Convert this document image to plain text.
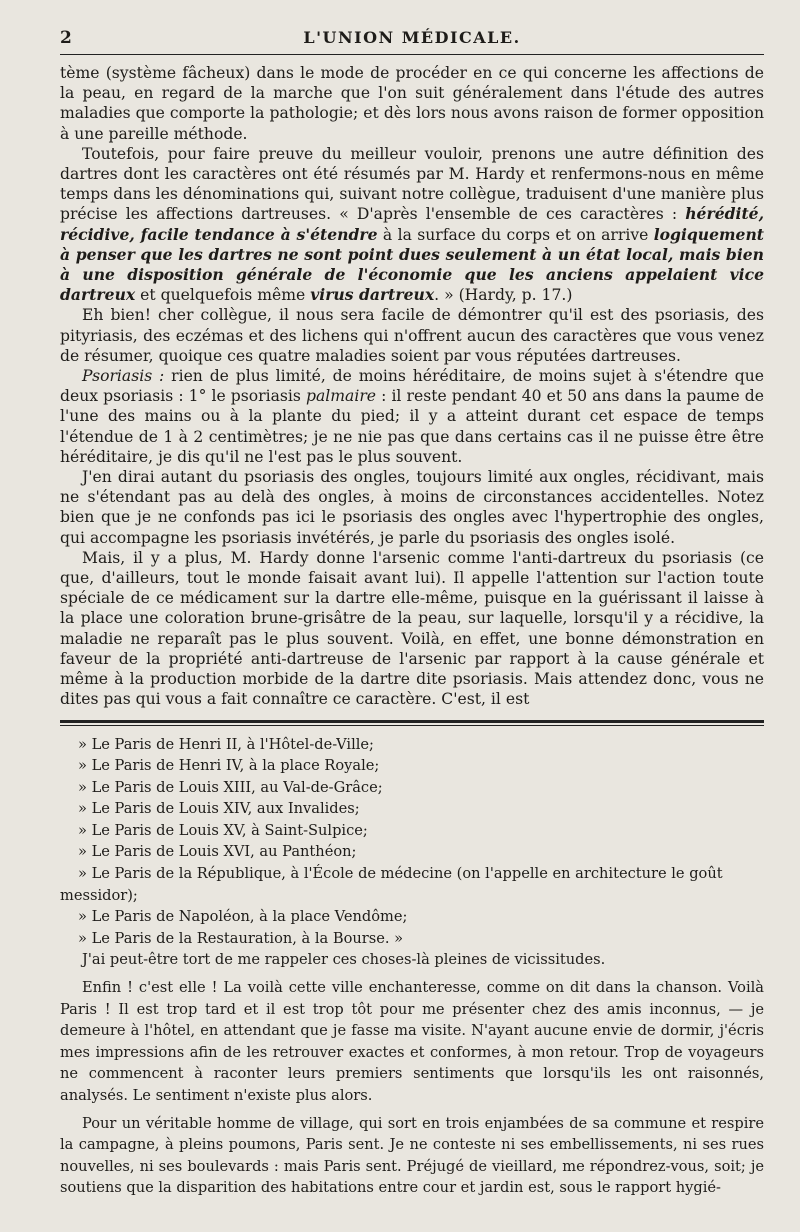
2	L'UNION MÉDICALE.

tème (système fâcheux) dans le mode de procéder en ce qui concerne les affections de la peau, en regard de la marche que l'on suit généralement dans l'étude des autres maladies que comporte la pathologie; et dès lors nous avons raison de former opposition à une pareille méthode.

Toutefois, pour faire preuve du meilleur vouloir, prenons une autre définition des dartres dont les caractères ont été résumés par M. Hardy et renfermons-nous en même temps dans les dénominations qui, suivant notre collègue, traduisent d'une manière plus précise les affections dartreuses. « D'après l'ensemble de ces caractères : hérédité, récidive, facile tendance à s'étendre à la surface du corps et on arrive logiquement à penser que les dartres ne sont point dues seulement à un état local, mais bien à une disposition générale de l'économie que les anciens appelaient vice dartreux et quelquefois même virus dartreux. » (Hardy, p. 17.)

Eh bien! cher collègue, il nous sera facile de démontrer qu'il est des psoriasis, des pityriasis, des eczémas et des lichens qui n'offrent aucun des caractères que vous venez de résumer, quoique ces quatre maladies soient par vous réputées dartreuses.

Psoriasis : rien de plus limité, de moins héréditaire, de moins sujet à s'étendre que deux psoriasis : 1° le psoriasis palmaire : il reste pendant 40 et 50 ans dans la paume de l'une des mains ou à la plante du pied; il y a atteint durant cet espace de temps l'étendue de 1 à 2 centimètres; je ne nie pas que dans certains cas il ne puisse être être héréditaire, je dis qu'il ne l'est pas le plus souvent.

J'en dirai autant du psoriasis des ongles, toujours limité aux ongles, récidivant, mais ne s'étendant pas au delà des ongles, à moins de circonstances accidentelles. Notez bien que je ne confonds pas ici le psoriasis des ongles avec l'hypertrophie des ongles, qui accompagne les psoriasis invétérés, je parle du psoriasis des ongles isolé.

Mais, il y a plus, M. Hardy donne l'arsenic comme l'anti-dartreux du psoriasis (ce que, d'ailleurs, tout le monde faisait avant lui). Il appelle l'attention sur l'action toute spéciale de ce médicament sur la dartre elle-même, puisque en la guérissant il laisse à la place une coloration brune-grisâtre de la peau, sur laquelle, lorsqu'il y a récidive, la maladie ne reparaît pas le plus souvent. Voilà, en effet, une bonne démonstration en faveur de la propriété anti-dartreuse de l'arsenic par rapport à la cause générale et même à la production morbide de la dartre dite psoriasis. Mais attendez donc, vous ne dites pas qui vous a fait connaître ce caractère. C'est, il est

» Le Paris de Henri II, à l'Hôtel-de-Ville;

» Le Paris de Henri IV, à la place Royale;

» Le Paris de Louis XIII, au Val-de-Grâce;

» Le Paris de Louis XIV, aux Invalides;

» Le Paris de Louis XV, à Saint-Sulpice;

» Le Paris de Louis XVI, au Panthéon;

» Le Paris de la République, à l'École de médecine (on l'appelle en architecture le goût

messidor);

» Le Paris de Napoléon, à la place Vendôme;

» Le Paris de la Restauration, à la Bourse. »

J'ai peut-être tort de me rappeler ces choses-là pleines de vicissitudes.

Enfin ! c'est elle ! La voilà cette ville enchanteresse, comme on dit dans la chanson. Voilà Paris ! Il est trop tard et il est trop tôt pour me présenter chez des amis inconnus, — je demeure à l'hôtel, en attendant que je fasse ma visite. N'ayant aucune envie de dormir, j'écris mes impressions afin de les retrouver exactes et conformes, à mon retour. Trop de voyageurs ne commencent à raconter leurs premiers sentiments que lorsqu'ils les ont raisonnés, analysés. Le sentiment n'existe plus alors.

Pour un véritable homme de village, qui sort en trois enjambées de sa commune et respire la campagne, à pleins poumons, Paris sent. Je ne conteste ni ses embellissements, ni ses rues nouvelles, ni ses boulevards : mais Paris sent. Préjugé de vieillard, me répondrez-vous, soit; je soutiens que la disparition des habitations entre cour et jardin est, sous le rapport hygié-
